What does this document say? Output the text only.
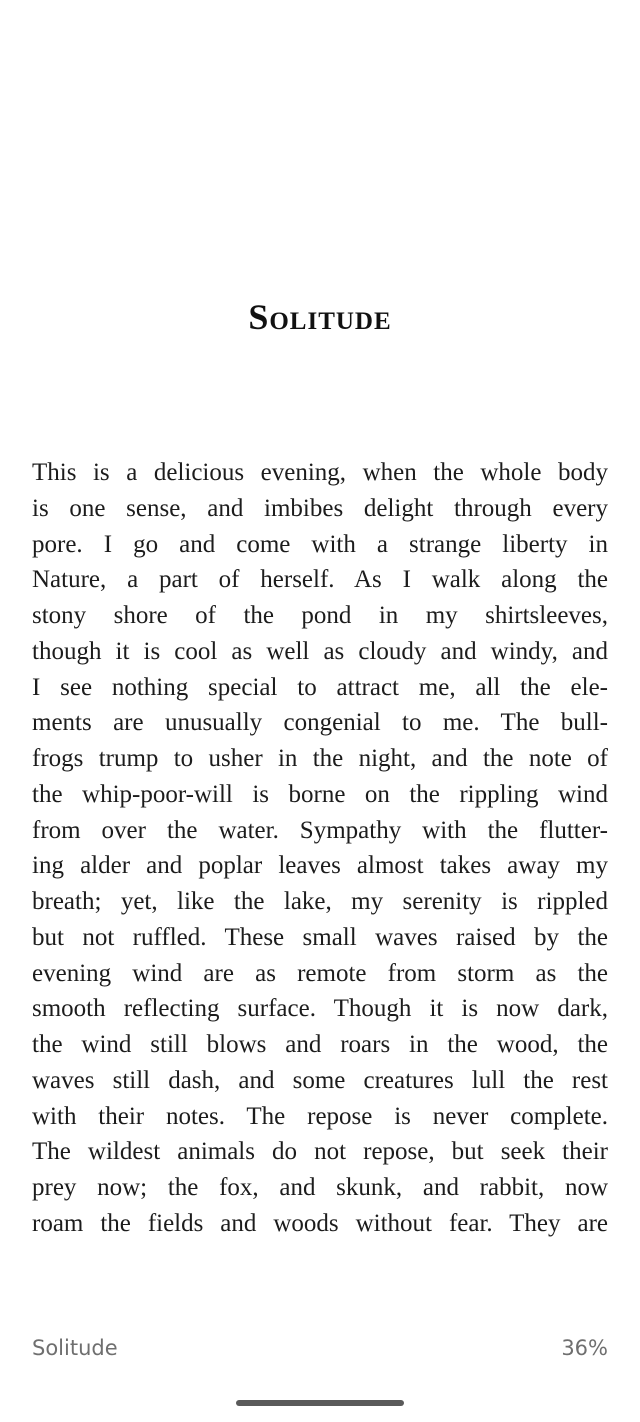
Solitude
This is a delicious evening, when the whole body
is one sense, and imbibes delight through every
pore. I go and come with a strange liberty in
Nature, a part of herself. As I walk along the
stony shore of the pond in my shirtsleeves,
though it is cool as well as cloudy and windy, and
I see nothing special to attract me, all the ele-
ments are unusually congenial to me. The bull-
frogs trump to usher in the night, and the note of
the whip-poor-will is borne on the rippling wind
from over the water. Sympathy with the flutter-
ing alder and poplar leaves almost takes away my
breath; yet, like the lake, my serenity is rippled
but not ruffled. These small waves raised by the
evening wind are as remote from storm as the
smooth reflecting surface. Though it is now dark,
the wind still blows and roars in the wood, the
waves still dash, and some creatures lull the rest
with their notes. The repose is never complete.
The wildest animals do not repose, but seek their
prey now; the fox, and skunk, and rabbit, now
roam the fields and woods without fear. They are
Solitude	36%
